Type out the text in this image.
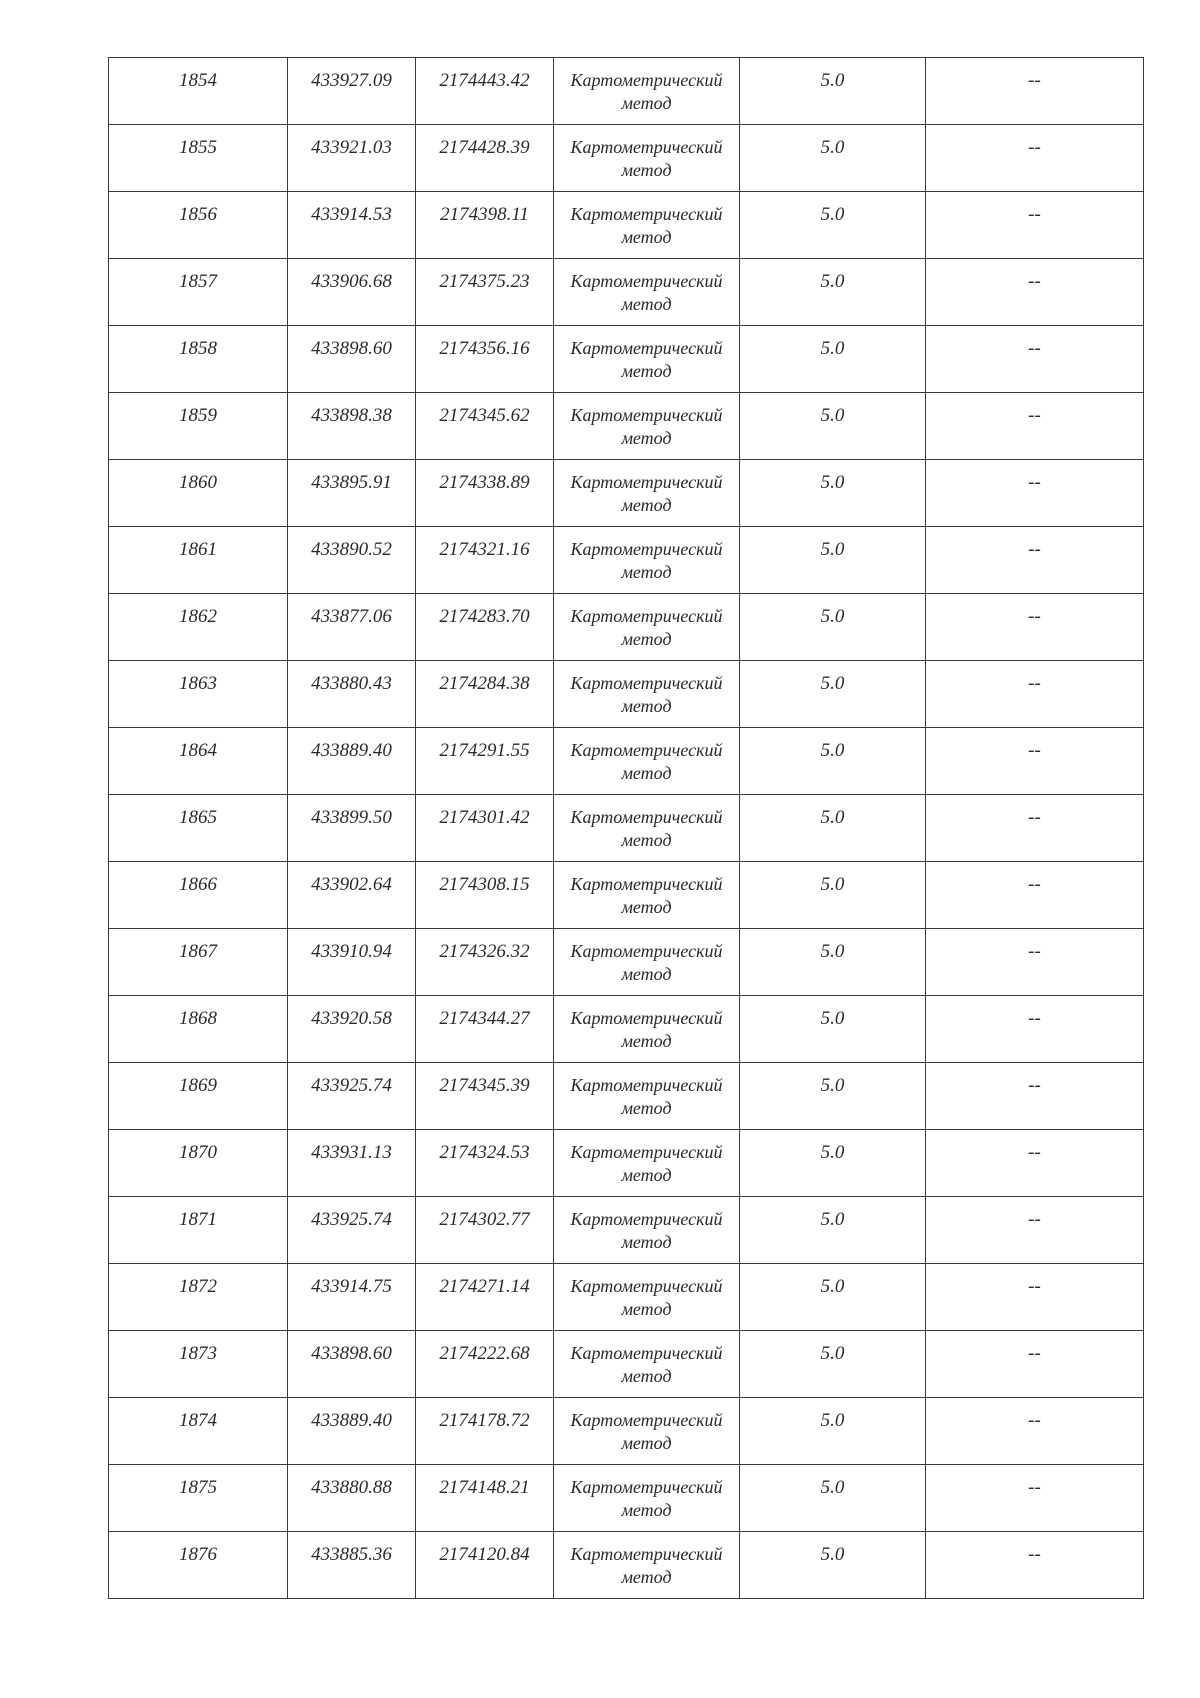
1854	433927.09	2174443.42	Картометрический
метод	5.0	--
1855	433921.03	2174428.39	Картометрический
метод	5.0	--
1856	433914.53	2174398.11	Картометрический
метод	5.0	--
1857	433906.68	2174375.23	Картометрический
метод	5.0	--
1858	433898.60	2174356.16	Картометрический
метод	5.0	--
1859	433898.38	2174345.62	Картометрический
метод	5.0	--
1860	433895.91	2174338.89	Картометрический
метод	5.0	--
1861	433890.52	2174321.16	Картометрический
метод	5.0	--
1862	433877.06	2174283.70	Картометрический
метод	5.0	--
1863	433880.43	2174284.38	Картометрический
метод	5.0	--
1864	433889.40	2174291.55	Картометрический
метод	5.0	--
1865	433899.50	2174301.42	Картометрический
метод	5.0	--
1866	433902.64	2174308.15	Картометрический
метод	5.0	--
1867	433910.94	2174326.32	Картометрический
метод	5.0	--
1868	433920.58	2174344.27	Картометрический
метод	5.0	--
1869	433925.74	2174345.39	Картометрический
метод	5.0	--
1870	433931.13	2174324.53	Картометрический
метод	5.0	--
1871	433925.74	2174302.77	Картометрический
метод	5.0	--
1872	433914.75	2174271.14	Картометрический
метод	5.0	--
1873	433898.60	2174222.68	Картометрический
метод	5.0	--
1874	433889.40	2174178.72	Картометрический
метод	5.0	--
1875	433880.88	2174148.21	Картометрический
метод	5.0	--
1876	433885.36	2174120.84	Картометрический
метод	5.0	--
